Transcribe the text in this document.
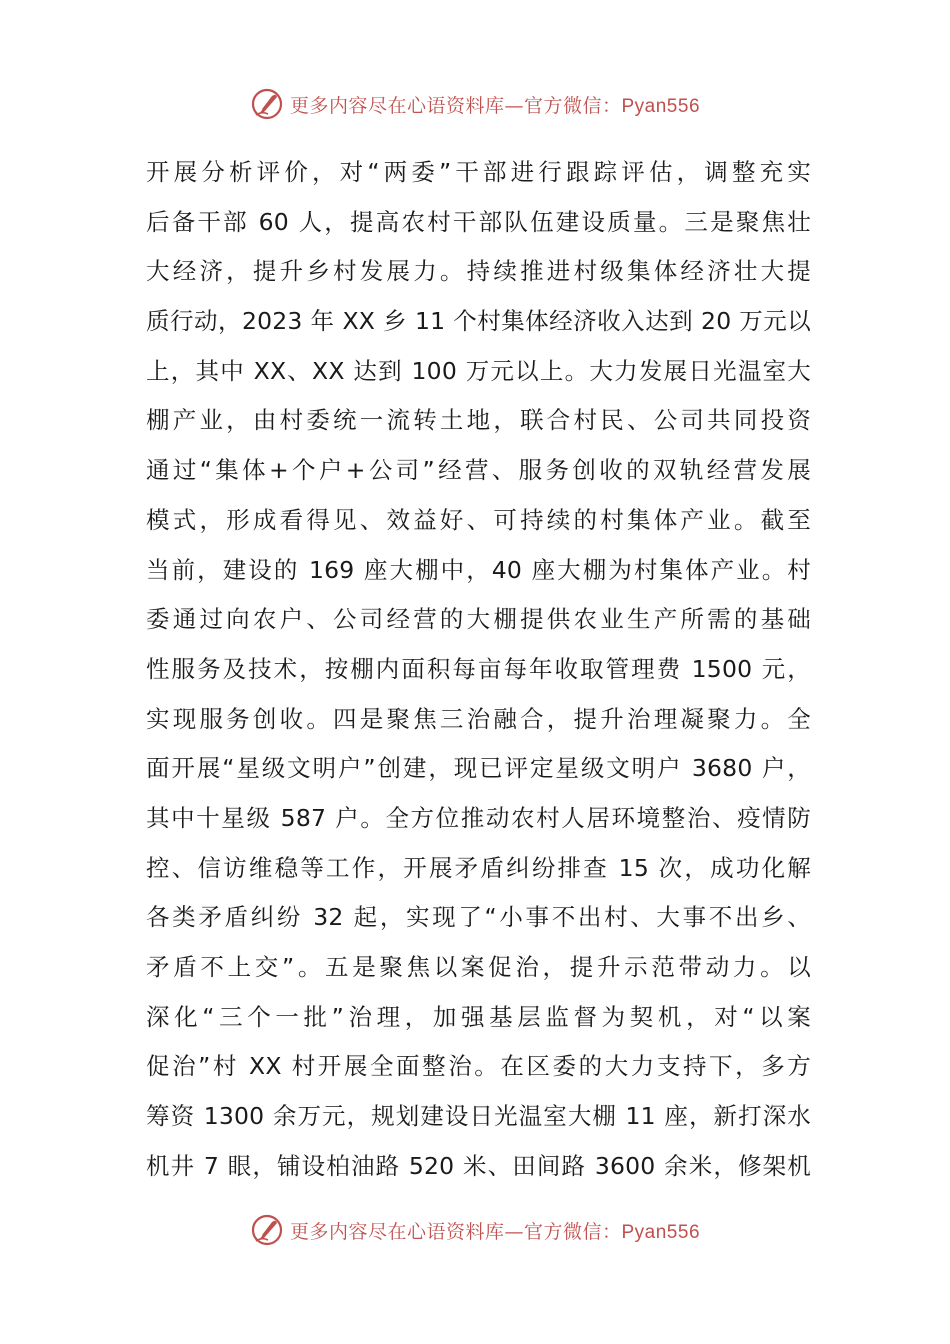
更多内容尽在心语资料库—官方微信：Pyan556
开展分析评价，对“两委”干部进行跟踪评估，调整充实
后备干部 60 人，提高农村干部队伍建设质量。三是聚焦壮
大经济，提升乡村发展力。持续推进村级集体经济壮大提
质行动，2023 年 XX 乡 11 个村集体经济收入达到 20 万元以
上，其中 XX、XX 达到 100 万元以上。大力发展日光温室大
棚产业，由村委统一流转土地，联合村民、公司共同投资
通过“集体+个户+公司”经营、服务创收的双轨经营发展
模式，形成看得见、效益好、可持续的村集体产业。截至
当前，建设的 169 座大棚中，40 座大棚为村集体产业。村
委通过向农户、公司经营的大棚提供农业生产所需的基础
性服务及技术，按棚内面积每亩每年收取管理费 1500 元，
实现服务创收。四是聚焦三治融合，提升治理凝聚力。全
面开展“星级文明户”创建，现已评定星级文明户 3680 户，
其中十星级 587 户。全方位推动农村人居环境整治、疫情防
控、信访维稳等工作，开展矛盾纠纷排查 15 次，成功化解
各类矛盾纠纷 32 起，实现了“小事不出村、大事不出乡、
矛盾不上交”。五是聚焦以案促治，提升示范带动力。以
深化“三个一批”治理，加强基层监督为契机，对“以案
促治”村 XX 村开展全面整治。在区委的大力支持下，多方
筹资 1300 余万元，规划建设日光温室大棚 11 座，新打深水
机井 7 眼，铺设柏油路 520 米、田间路 3600 余米，修架机
更多内容尽在心语资料库—官方微信：Pyan556
